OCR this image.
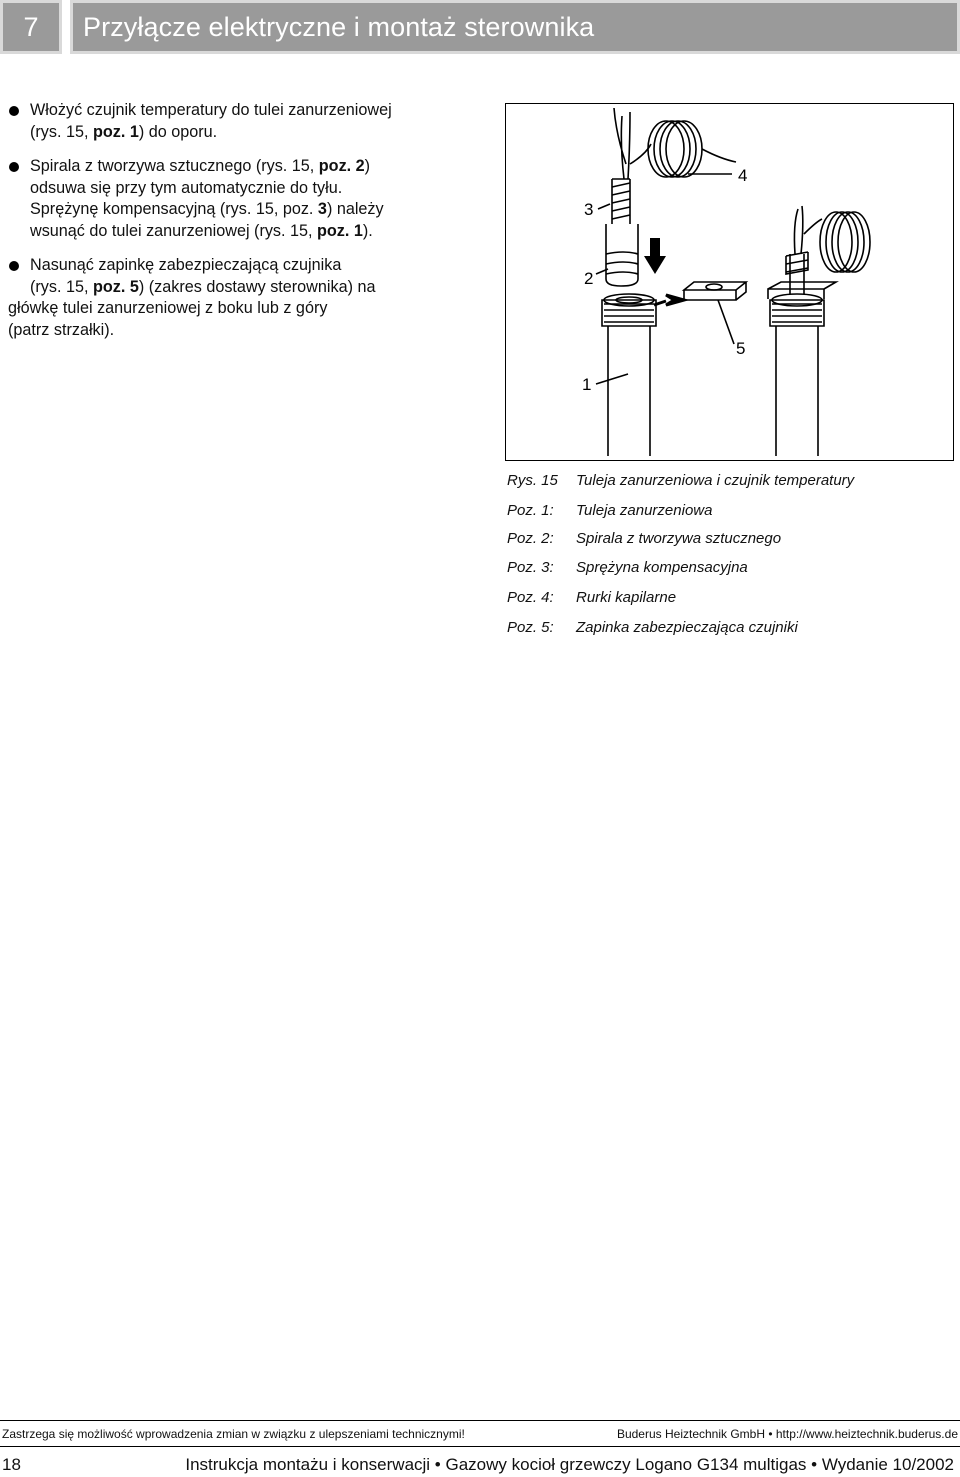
7	Przyłącze elektryczne i montaż sterownika

Włożyć czujnik temperatury do tulei zanurzeniowej
(rys. 15, poz. 1) do oporu.

Spirala z tworzywa sztucznego (rys. 15, poz. 2)
odsuwa się przy tym automatycznie do tyłu.
Sprężynę kompensacyjną (rys. 15, poz. 3) należy
wsunąć do tulei zanurzeniowej (rys. 15, poz. 1).

Nasunąć zapinkę zabezpieczającą czujnika
(rys. 15, poz. 5) (zakres dostawy sterownika) na
główkę tulei zanurzeniowej z boku lub z góry
(patrz strzałki).

3
2
4
5
1
Rys. 15 Tuleja zanurzeniowa i czujnik temperatury
Poz. 1: Tuleja zanurzeniowa
Poz. 2: Spirala z tworzywa sztucznego
Poz. 3: Sprężyna kompensacyjna
Poz. 4: Rurki kapilarne
Poz. 5: Zapinka zabezpieczająca czujniki
Zastrzega się możliwość wprowadzenia zmian w związku z ulepszeniami technicznymi!	Buderus Heiztechnik GmbH • http://www.heiztechnik.buderus.de
18	Instrukcja montażu i konserwacji • Gazowy kocioł grzewczy Logano G134 multigas • Wydanie 10/2002
